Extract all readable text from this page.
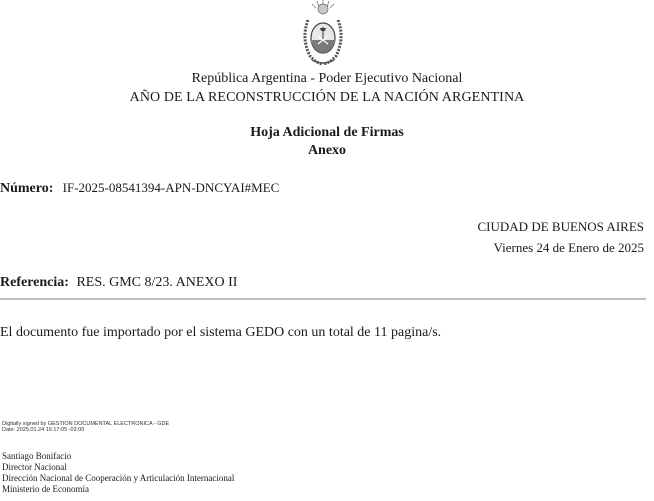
República Argentina - Poder Ejecutivo Nacional
AÑO DE LA RECONSTRUCCIÓN DE LA NACIÓN ARGENTINA
Hoja Adicional de Firmas
Anexo
Número: IF-2025-08541394-APN-DNCYAI#MEC
CIUDAD DE BUENOS AIRES
Viernes 24 de Enero de 2025
Referencia: RES. GMC 8/23. ANEXO II
El documento fue importado por el sistema GEDO con un total de 11 pagina/s.
Digitally signed by GESTION DOCUMENTAL ELECTRONICA - GDE
Date: 2025.01.24 16:17:05 -03:00
Santiago Bonifacio
Director Nacional
Dirección Nacional de Cooperación y Articulación Internacional
Ministerio de Economía
